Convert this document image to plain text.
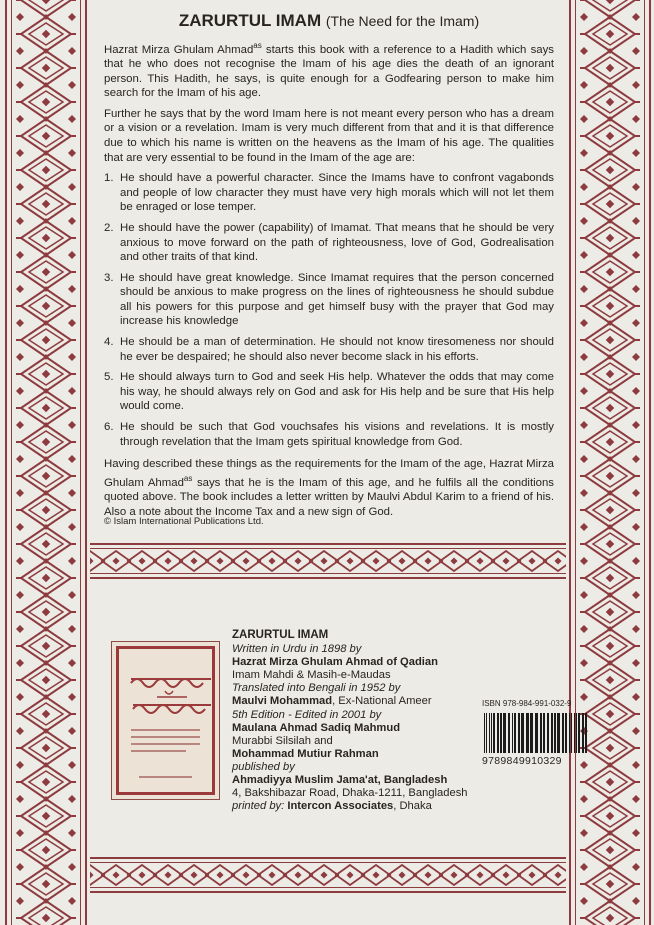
ZARURTUL IMAM (The Need for the Imam)

Hazrat Mirza Ghulam Ahmad$^{as}$ starts this book with a reference to a Hadith which says that he who does not recognise the Imam of his age dies the death of an ignorant person. This Hadith, he says, is quite enough for a Godfearing person to make him search for the Imam of his age.

Further he says that by the word Imam here is not meant every person who has a dream or a vision or a revelation. Imam is very much different from that and it is that difference due to which his name is written on the heavens as the Imam of his age. The qualities that are very essential to be found in the Imam of the age are:

1. He should have a powerful character. Since the Imams have to confront vagabonds and people of low character they must have very high morals which will not let them be enraged or lose temper.
2. He should have the power (capability) of Imamat. That means that he should be very anxious to move forward on the path of righteousness, love of God, Godrealisation and other traits of that kind.
3. He should have great knowledge. Since Imamat requires that the person concerned should be anxious to make progress on the lines of righteousness he should subdue all his powers for this purpose and get himself busy with the prayer that God may increase his knowledge
4. He should be a man of determination. He should not know tiresomeness nor should he ever be despaired; he should also never become slack in his efforts.
5. He should always turn to God and seek His help. Whatever the odds that may come his way, he should always rely on God and ask for His help and be sure that His help would come.
6. He should be such that God vouchsafes his visions and revelations. It is mostly through revelation that the Imam gets spiritual knowledge from God.

Having described these things as the requirements for the Imam of the age, Hazrat Mirza Ghulam Ahmad$^{as}$ says that he is the Imam of this age, and he fulfils all the conditions quoted above. The book includes a letter written by Maulvi Abdul Karim to a friend of his. Also a note about the Income Tax and a new sign of God.

© Islam International Publications Ltd.
ZARURTUL IMAM
Written in Urdu in 1898 by
Hazrat Mirza Ghulam Ahmad of Qadian
Imam Mahdi & Masih-e-Maudas
Translated into Bengali in 1952 by
Maulvi Mohammad, Ex-National Ameer
5th Edition - Edited in 2001 by
Maulana Ahmad Sadiq Mahmud
Murabbi Silsilah and
Mohammad Mutiur Rahman
published by
Ahmadiyya Muslim Jama'at, Bangladesh
4, Bakshibazar Road, Dhaka-1211, Bangladesh
printed by: Intercon Associates, Dhaka
ISBN 978-984-991-032-9
9789849910329
